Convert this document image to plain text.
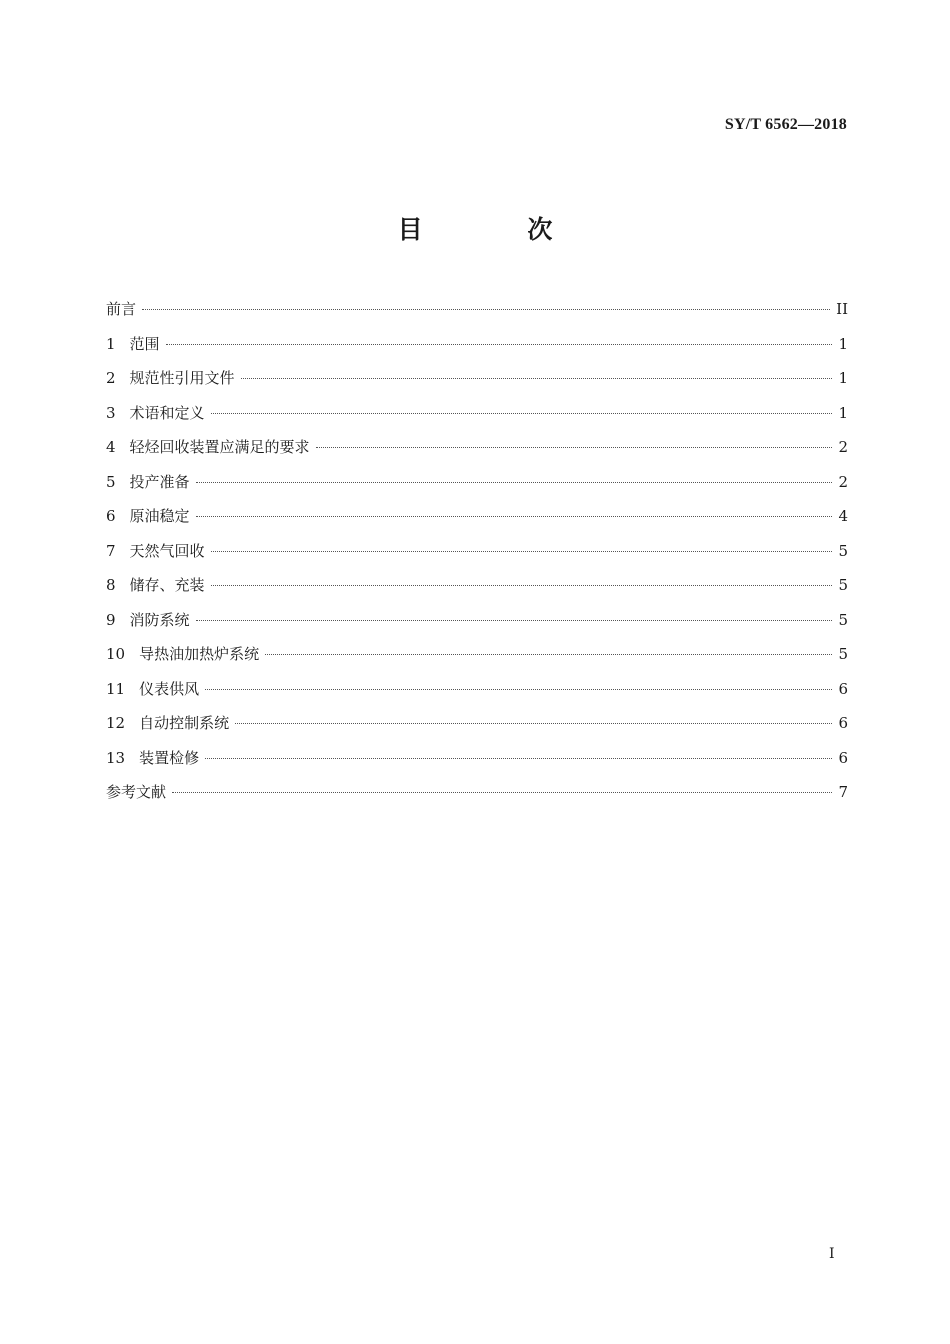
SY/T 6562—2018
目 次
前言	II
1 范围	1
2 规范性引用文件	1
3 术语和定义	1
4 轻烃回收装置应满足的要求	2
5 投产准备	2
6 原油稳定	4
7 天然气回收	5
8 储存、充装	5
9 消防系统	5
10 导热油加热炉系统	5
11 仪表供风	6
12 自动控制系统	6
13 装置检修	6
参考文献	7
I
